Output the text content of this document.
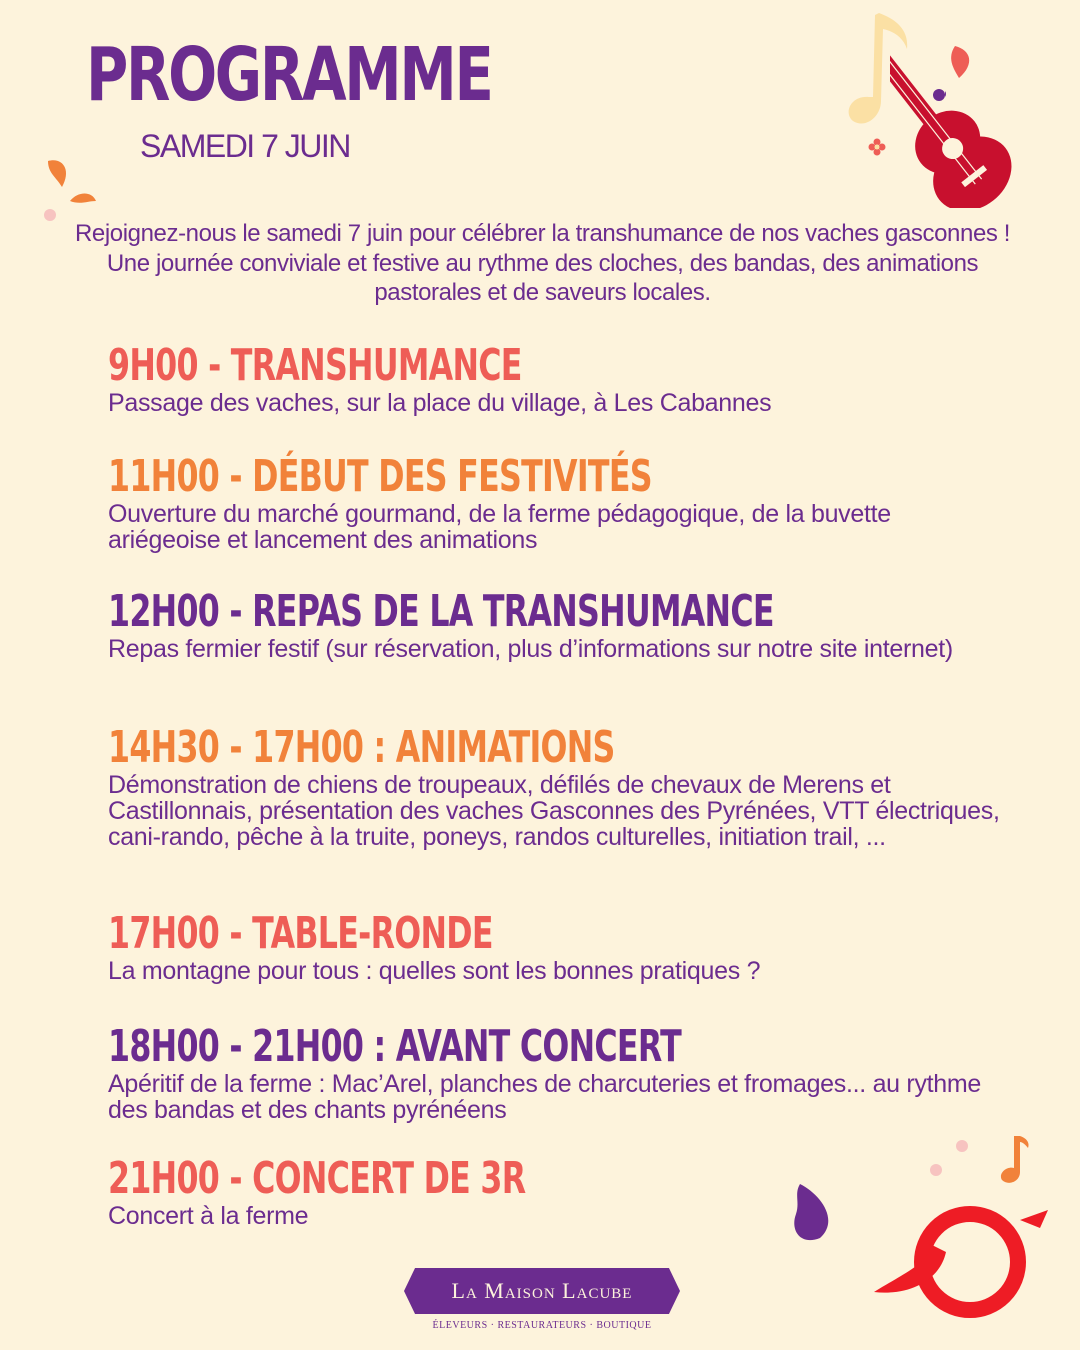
PROGRAMME
SAMEDI 7 JUIN
Rejoignez-nous le samedi 7 juin pour célébrer la transhumance de nos vaches gasconnes ! Une journée conviviale et festive au rythme des cloches, des bandas, des animations pastorales et de saveurs locales.
9H00 - TRANSHUMANCE
Passage des vaches, sur la place du village, à Les Cabannes
11H00 - DÉBUT DES FESTIVITÉS
Ouverture du marché gourmand, de la ferme pédagogique, de la buvette ariégeoise et lancement des animations
12H00 - REPAS DE LA TRANSHUMANCE
Repas fermier festif (sur réservation, plus d’informations sur notre site internet)
14H30 - 17H00 : ANIMATIONS
Démonstration de chiens de troupeaux, défilés de chevaux de Merens et Castillonnais, présentation des vaches Gasconnes des Pyrénées, VTT électriques, cani-rando, pêche à la truite, poneys, randos culturelles, initiation trail, ...
17H00 - TABLE-RONDE
La montagne pour tous : quelles sont les bonnes pratiques ?
18H00 - 21H00 : AVANT CONCERT
Apéritif de la ferme : Mac’Arel, planches de charcuteries et fromages... au rythme des bandas et des chants pyrénéens
21H00 - CONCERT DE 3R
Concert à la ferme
La Maison Lacube
ÉLEVEURS · RESTAURATEURS · BOUTIQUE
